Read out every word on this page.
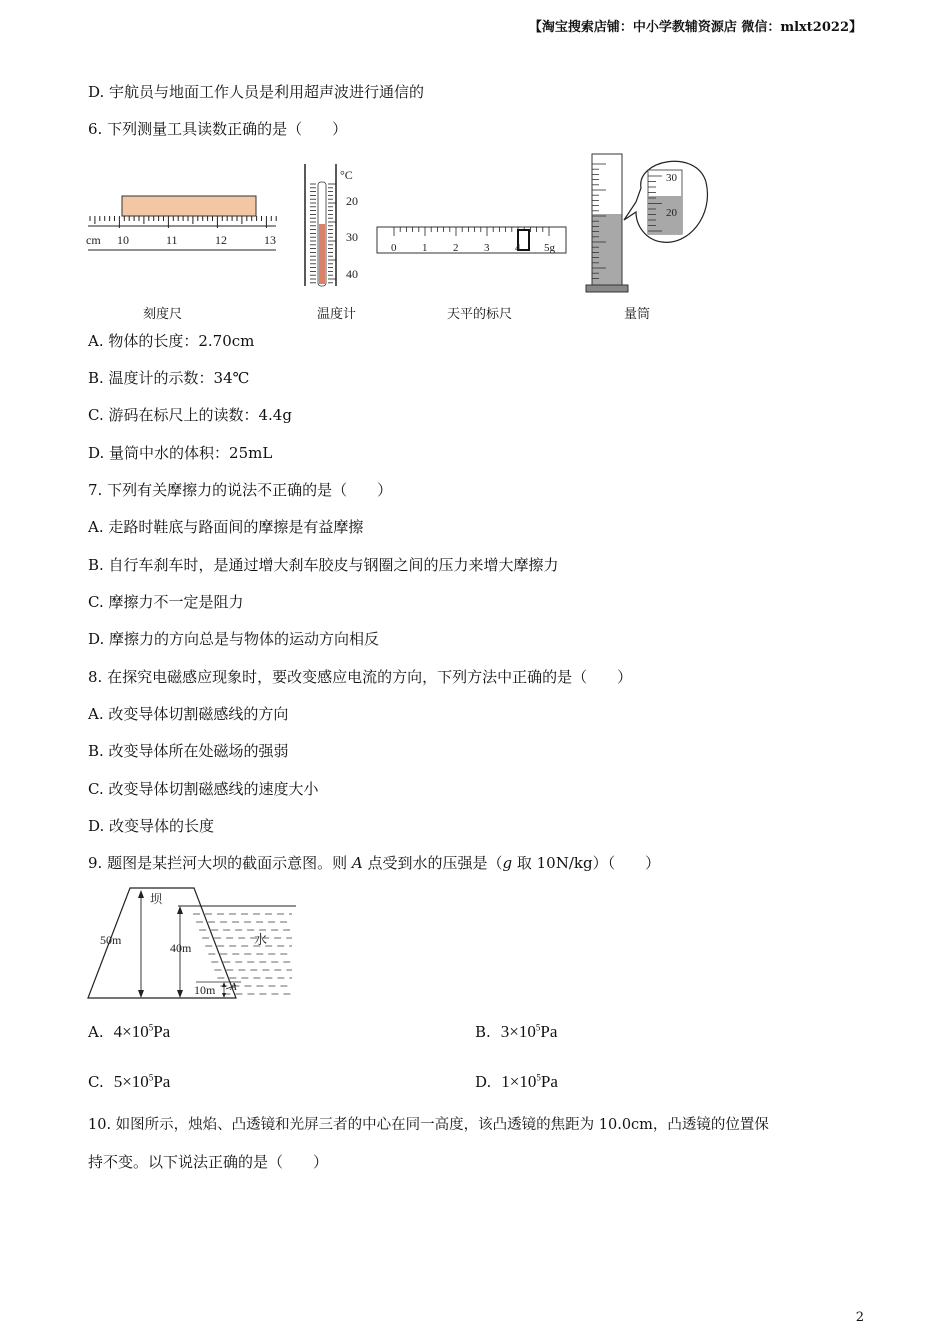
【淘宝搜索店铺：中小学教辅资源店 微信：mlxt2022】
D. 宇航员与地面工作人员是利用超声波进行通信的
6. 下列测量工具读数正确的是（　　）
cm 10	11	12	13
°C
20
30
40
0 1 2 3 4 5g
30
20
刻度尺	温度计	天平的标尺	量筒
A. 物体的长度：2.70cm
B. 温度计的示数：34℃
C. 游码在标尺上的读数：4.4g
D. 量筒中水的体积：25mL
7. 下列有关摩擦力的说法不正确的是（　　）
A. 走路时鞋底与路面间的摩擦是有益摩擦
B. 自行车刹车时，是通过增大刹车胶皮与钢圈之间的压力来增大摩擦力
C. 摩擦力不一定是阻力
D. 摩擦力的方向总是与物体的运动方向相反
8. 在探究电磁感应现象时，要改变感应电流的方向，下列方法中正确的是（　　）
A. 改变导体切割磁感线的方向
B. 改变导体所在处磁场的强弱
C. 改变导体切割磁感线的速度大小
D. 改变导体的长度
9. 题图是某拦河大坝的截面示意图。则 A 点受到水的压强是（g 取 10N/kg）（　　）
坝
水
50m
40m
10m A
A. $4\times 10^5Pa$	B. $3\times 10^5Pa$
C. $5\times 10^5Pa$	D. $1\times 10^5Pa$
10. 如图所示，烛焰、凸透镜和光屏三者的中心在同一高度，该凸透镜的焦距为 10.0cm，凸透镜的位置保
持不变。以下说法正确的是（　　）
2
